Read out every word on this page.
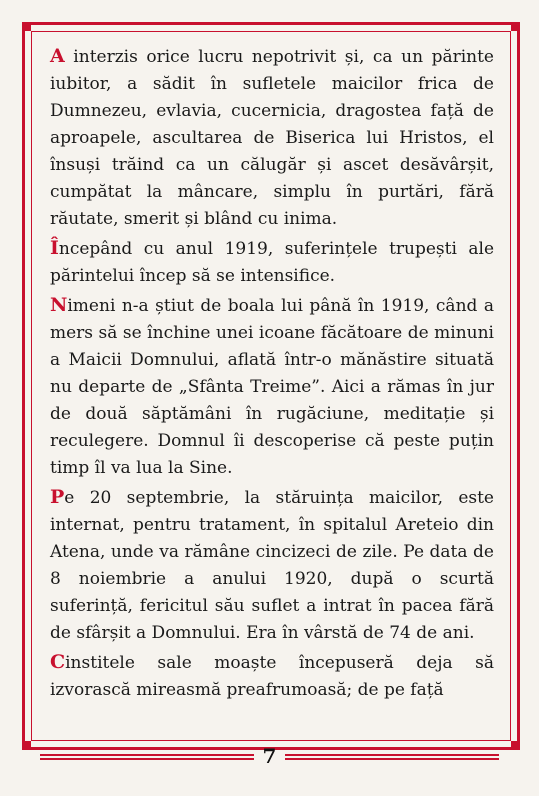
A interzis orice lucru nepotrivit și, ca un părinte iubitor, a sădit în sufletele maicilor frica de Dumnezeu, evlavia, cucernicia, dragostea față de aproapele, ascultarea de Biserica lui Hristos, el însuși trăind ca un călugăr și ascet desăvârșit, cumpătat la mâncare, simplu în purtări, fără răutate, smerit și blând cu inima.

Începând cu anul 1919, suferințele trupești ale părintelui încep să se intensifice.

Nimeni n-a știut de boala lui până în 1919, când a mers să se închine unei icoane făcătoare de minuni a Maicii Domnului, aflată într-o mănăstire situată nu departe de „Sfânta Treime”. Aici a rămas în jur de două săptămâni în rugăciune, meditație și reculegere. Domnul îi descoperise că peste puțin timp îl va lua la Sine.

Pe 20 septembrie, la stăruința maicilor, este internat, pentru tratament, în spitalul Areteio din Atena, unde va rămâne cincizeci de zile. Pe data de 8 noiembrie a anului 1920, după o scurtă suferință, fericitul său suflet a intrat în pacea fără de sfârșit a Domnului. Era în vârstă de 74 de ani.

Cinstitele sale moaște începuseră deja să izvorască mireasmă preafrumoasă; de pe față

7
